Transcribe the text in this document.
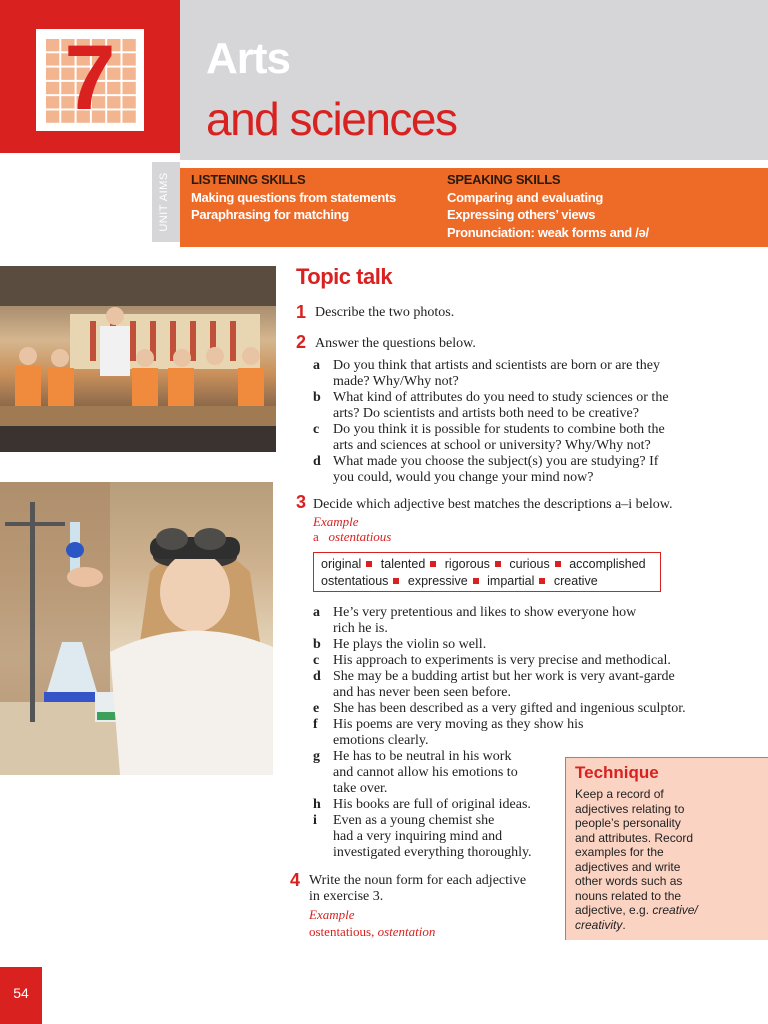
7	Arts
and sciences
UNIT AIMS	LISTENING SKILLS
Making questions from statements
Paraphrasing for matching
SPEAKING SKILLS
Comparing and evaluating
Expressing others’ views
Pronunciation: weak forms and /ə/
Topic talk
1 Describe the two photos.
2 Answer the questions below.
a Do you think that artists and scientists are born or are they
made? Why/Why not?
b What kind of attributes do you need to study sciences or the
arts? Do scientists and artists both need to be creative?
c Do you think it is possible for students to combine both the
arts and sciences at school or university? Why/Why not?
d What made you choose the subject(s) you are studying? If
you could, would you change your mind now?
3 Decide which adjective best matches the descriptions a–i below.
Example
a ostentatious
original talented rigorous curious accomplished
ostentatious expressive impartial creative
a He’s very pretentious and likes to show everyone how
rich he is.
b He plays the violin so well.
c His approach to experiments is very precise and methodical.
d She may be a budding artist but her work is very avant-garde
and has never been seen before.
e She has been described as a very gifted and ingenious sculptor.
f His poems are very moving as they show his
emotions clearly.
g He has to be neutral in his work
and cannot allow his emotions to
take over.
h His books are full of original ideas.
i Even as a young chemist she
had a very inquiring mind and
investigated everything thoroughly.
4 Write the noun form for each adjective
in exercise 3.
Example
ostentatious, ostentation
Technique
Keep a record of
adjectives relating to
people’s personality
and attributes. Record
examples for the
adjectives and write
other words such as
nouns related to the
adjective, e.g. creative/
creativity.
54
